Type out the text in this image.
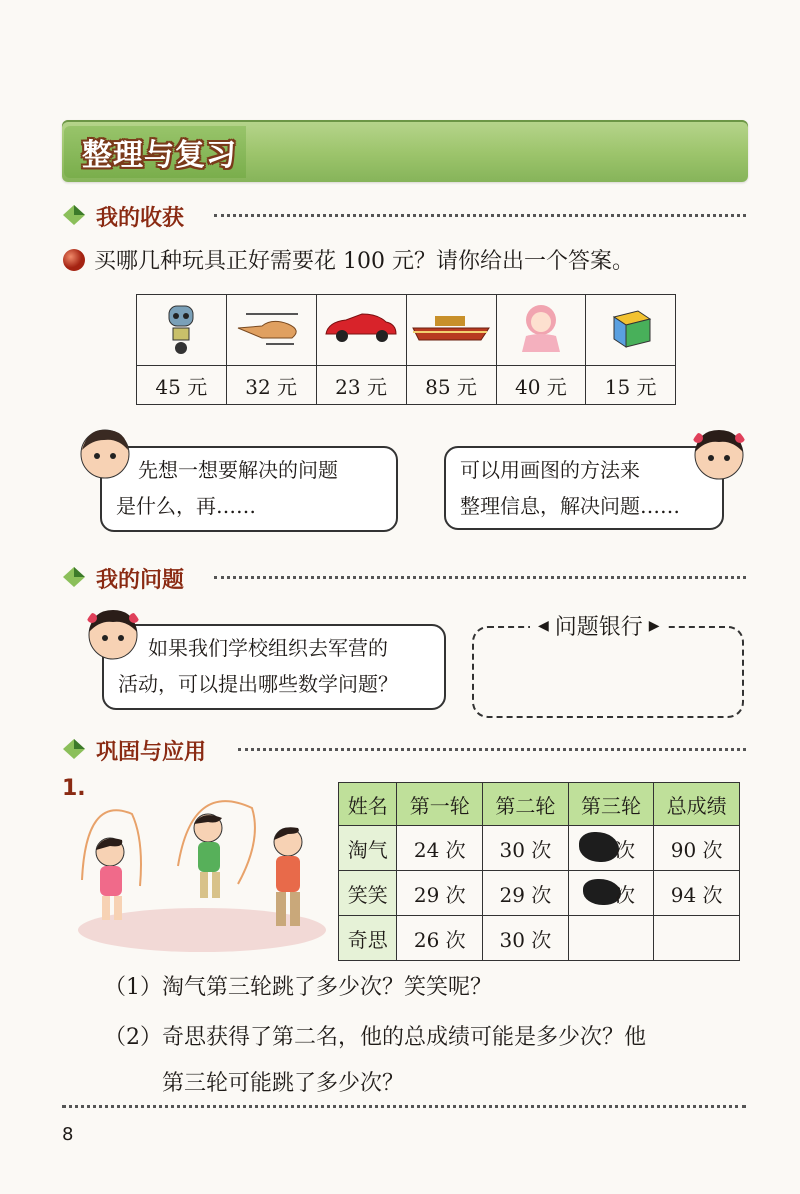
整理与复习
我的收获
买哪几种玩具正好需要花 100 元？请你给出一个答案。

45 元	32 元	23 元	85 元	40 元	15 元
先想一想要解决的问题
是什么，再……
可以用画图的方法来
整理信息，解决问题……
我的问题
如果我们学校组织去军营的
活动，可以提出哪些数学问题？
◀ 问题银行 ▶
巩固与应用
1.
姓名	第一轮	第二轮	第三轮	总成绩
淘气	24 次	30 次	次	90 次
笑笑	29 次	29 次	次	94 次
奇思	26 次	30 次		
（1）淘气第三轮跳了多少次？笑笑呢？
（2）奇思获得了第二名，他的总成绩可能是多少次？他
第三轮可能跳了多少次？
8
